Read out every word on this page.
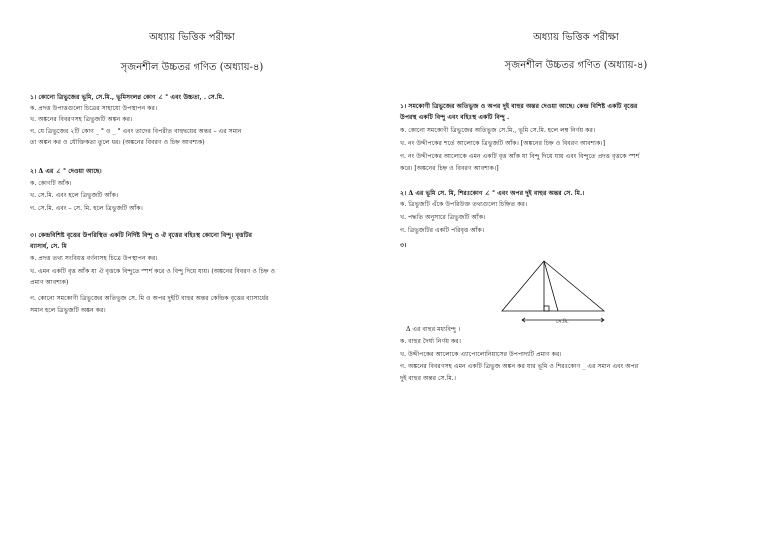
অধ্যায় ভিত্তিক পরীক্ষা
সৃজনশীল উচ্চতর গণিত (অধ্যায়-৪)
১। কোনো ত্রিভুজের ভূমি, সে.মি., ভূমিসংলগ্ন কোণ ∠ ° এবং উচ্চতা, . সে.মি.
ক. প্রদত্ত উপাত্তগুলো চিত্রের সাহায্যে উপস্থাপন কর।
খ. অঙ্কনের বিবরণসহ ত্রিভুজটি অঙ্কন কর।
গ. যে ত্রিভুজের ২টি কোণ _ ° ও _ ° এবং তাদের বিপরীত বাহুদ্বয়ের অন্তর – এর সমান
তা অঙ্কন কর ও যৌক্তিকতা তুলে ধর। (অঙ্কনের বিবরণ ও চিহ্ন আবশ্যক)
২। Δ এর ∠ ° দেওয়া আছে।
ক. কোণটি আঁক।
খ. সে.মি. এবং হলে ত্রিভুজটি আঁক।
গ. সে.মি. এবং – সে. মি. হলে ত্রিভুজটি আঁক।
৩। কেন্দ্রবিশিষ্ট বৃত্তের উপরিস্থিত একটি নির্দিষ্ট বিন্দু ও ঐ বৃত্তের বহিঃস্থ কোনো বিন্দু। বৃত্তটির
ব্যাসার্ধ, সে. মি
ক. প্রদত্ত তথ্য সংবিধত্ত বর্ণনাসহ চিত্রে উপস্থাপন কর।
খ. এমন একটি বৃত্ত আঁক যা ঐ বৃত্তকে বিন্দুতে স্পর্শ করে ও বিন্দু দিয়ে যায়। (অঙ্কনের বিবরণ ও চিহ্ন ও
প্রমাণ আবশ্যক)
গ. কোনো সমকোণী ত্রিভুজের অতিভুজ সে. মি ও অপর দুইটি বাহুর অন্তর কেন্দ্রিক বৃত্তের ব্যাসার্ধের
সমান হলে ত্রিভুজটি অঙ্কন কর।
অধ্যায় ভিত্তিক পরীক্ষা
সৃজনশীল উচ্চতর গণিত (অধ্যায়-৪)
১। সমকোণী ত্রিভুজের অতিভুজ ও অপর দুই বাহুর অন্তর দেওয়া আছে। কেন্দ্র বিশিষ্ট একটি বৃত্তের
উপরস্থ একটি বিন্দু এবং বহিঃস্থ একটি বিন্দু .
ক. কোনো সমকোণী ত্রিভুজের অতিভুজ সে.মি., ভূমি সে.মি. হলে লম্ব নির্ণয় কর।
খ. নং উদ্দীপকের শর্তে আলোকে ত্রিভুজটি আঁক। [অঙ্কনের চিহ্ন ও বিবরণ আবশ্যক।]
গ. নং উদ্দীপকের আলোকে এমন একটি বৃত্ত আঁক যা বিন্দু দিয়ে যায় এবং বিন্দুতে প্রদত্ত বৃত্তকে স্পর্শ
করে। [অঙ্কনের চিহ্ন ও বিবরণ আবশ্যক।]
২। Δ এর ভূমি সে. মি, শিরঃকোণ ∠ ° এবং অপর দুই বাহুর অন্তর সে. মি.।
ক. ত্রিভুজটি এঁকে উপরিউক্ত তথ্যগুলো চিহ্নিত কর।
খ. পদ্ধতি অনুসারে ত্রিভুজটি আঁক।
গ. ত্রিভুজটির একটি পরিবৃত্ত আঁক।
৩।
সে.মি.
Δ এর বাহুর মধ্যবিন্দু ।
ক. বাহুর দৈর্ঘ্য নির্ণয় কর।
খ. উদ্দীপকের আলোকে এ্যাপোলোনিয়াসের উপপাদ্যটি প্রমাণ কর।
গ. অঙ্কনের বিবরণসহ এমন একটি ত্রিভুজ অঙ্কন কর যার ভূমি ও শিরঃকোণ _ এর সমান এবং অপর
দুই বাহুর অন্তর সে.মি.।
